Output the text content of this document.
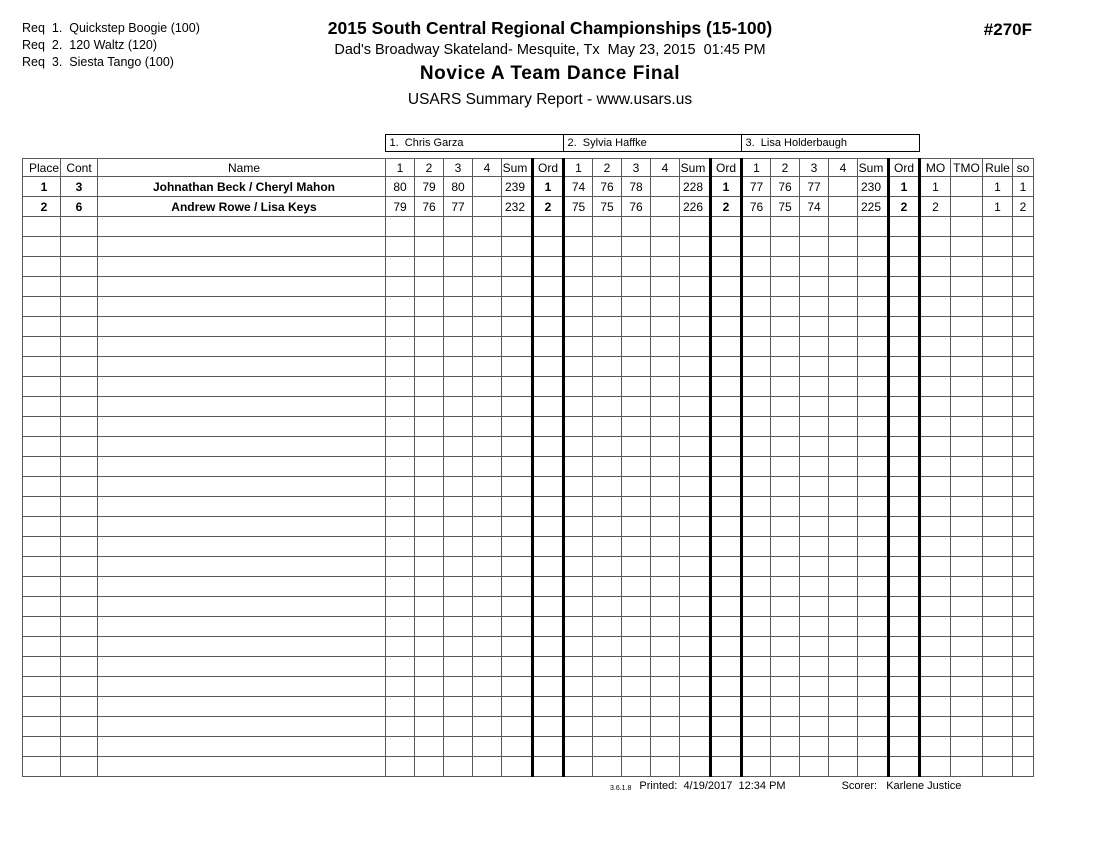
Req  1.  Quickstep Boogie (100)
Req  2.  120 Waltz (120)
Req  3.  Siesta Tango (100)
2015 South Central Regional Championships (15-100)
Dad's Broadway Skateland- Mesquite, Tx  May 23, 2015  01:45 PM
Novice A Team Dance Final
USARS Summary Report - www.usars.us
#270F
	1.  Chris Garza	2.  Sylvia Haffke	3.  Lisa Holderbaugh	
Place	Cont	Name	1	2	3	4	Sum	Ord	1	2	3	4	Sum	Ord	1	2	3	4	Sum	Ord	MO	TMO	Rule	so
1	3	Johnathan Beck / Cheryl Mahon	80	79	80		239	1	74	76	78		228	1	77	76	77		230	1	1		1	1
2	6	Andrew Rowe / Lisa Keys	79	76	77		232	2	75	75	76		226	2	76	75	74		225	2	2		1	2

3.6.1.8 Printed:  4/19/2017  12:34 PM	Scorer:   Karlene Justice
